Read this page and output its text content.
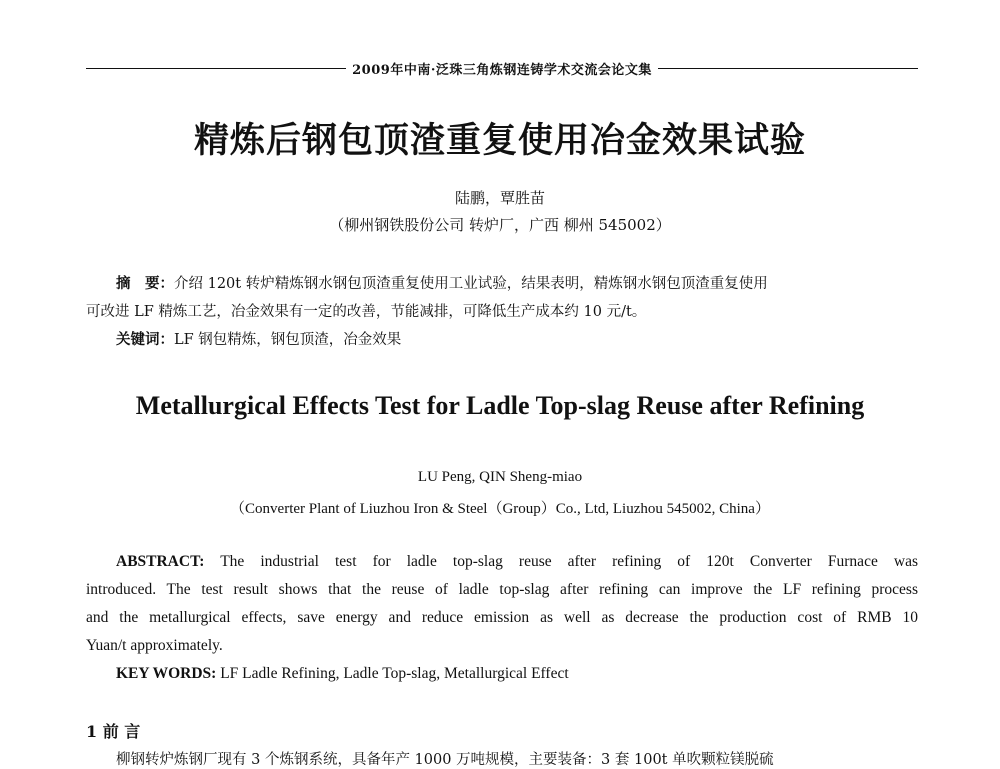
2009年中南·泛珠三角炼钢连铸学术交流会论文集
精炼后钢包顶渣重复使用冶金效果试验
陆鹏，覃胜苗
（柳州钢铁股份公司 转炉厂，广西 柳州 545002）
摘　要：介绍 120t 转炉精炼钢水钢包顶渣重复使用工业试验，结果表明，精炼钢水钢包顶渣重复使用
可改进 LF 精炼工艺，冶金效果有一定的改善，节能减排，可降低生产成本约 10 元/t。
关键词：LF 钢包精炼，钢包顶渣，冶金效果
Metallurgical Effects Test for Ladle Top-slag Reuse after Refining
LU Peng, QIN Sheng-miao
（Converter Plant of Liuzhou Iron & Steel（Group）Co., Ltd, Liuzhou 545002, China）
ABSTRACT: The industrial test for ladle top-slag reuse after refining of 120t Converter Furnace was
introduced. The test result shows that the reuse of ladle top-slag after refining can improve the LF refining process
and the metallurgical effects, save energy and reduce emission as well as decrease the production cost of RMB 10
Yuan/t approximately.
KEY WORDS: LF Ladle Refining, Ladle Top-slag, Metallurgical Effect
1 前 言
柳钢转炉炼钢厂现有 3 个炼钢系统，具备年产 1000 万吨规模，主要装备：3 套 100t 单吹颗粒镁脱硫
